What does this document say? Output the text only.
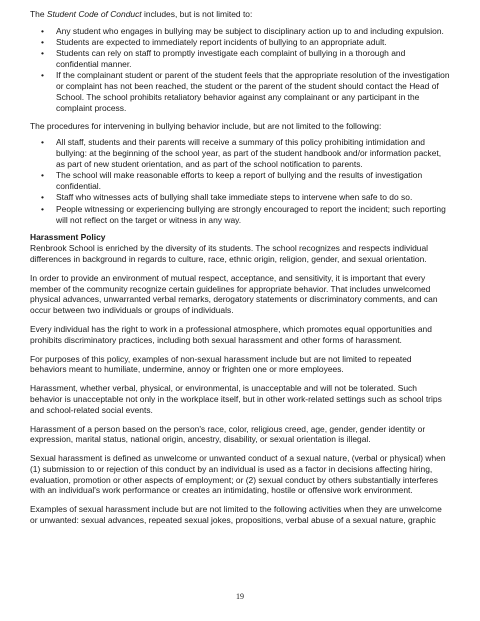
The Student Code of Conduct includes, but is not limited to:

• Any student who engages in bullying may be subject to disciplinary action up to and including expulsion.
• Students are expected to immediately report incidents of bullying to an appropriate adult.
• Students can rely on staff to promptly investigate each complaint of bullying in a thorough and confidential manner.
• If the complainant student or parent of the student feels that the appropriate resolution of the investigation or complaint has not been reached, the student or the parent of the student should contact the Head of School. The school prohibits retaliatory behavior against any complainant or any participant in the complaint process.

The procedures for intervening in bullying behavior include, but are not limited to the following:

• All staff, students and their parents will receive a summary of this policy prohibiting intimidation and bullying: at the beginning of the school year, as part of the student handbook and/or information packet, as part of new student orientation, and as part of the school notification to parents.
• The school will make reasonable efforts to keep a report of bullying and the results of investigation confidential.
• Staff who witnesses acts of bullying shall take immediate steps to intervene when safe to do so.
• People witnessing or experiencing bullying are strongly encouraged to report the incident; such reporting will not reflect on the target or witness in any way.

Harassment Policy

Renbrook School is enriched by the diversity of its students. The school recognizes and respects individual differences in background in regards to culture, race, ethnic origin, religion, gender, and sexual orientation.

In order to provide an environment of mutual respect, acceptance, and sensitivity, it is important that every member of the community recognize certain guidelines for appropriate behavior. That includes unwelcomed physical advances, unwarranted verbal remarks, derogatory statements or discriminatory comments, and can occur between two individuals or groups of individuals.

Every individual has the right to work in a professional atmosphere, which promotes equal opportunities and prohibits discriminatory practices, including both sexual harassment and other forms of harassment.

For purposes of this policy, examples of non-sexual harassment include but are not limited to repeated behaviors meant to humiliate, undermine, annoy or frighten one or more employees.

Harassment, whether verbal, physical, or environmental, is unacceptable and will not be tolerated. Such behavior is unacceptable not only in the workplace itself, but in other work-related settings such as school trips and school-related social events.

Harassment of a person based on the person's race, color, religious creed, age, gender, gender identity or expression, marital status, national origin, ancestry, disability, or sexual orientation is illegal.

Sexual harassment is defined as unwelcome or unwanted conduct of a sexual nature, (verbal or physical) when (1) submission to or rejection of this conduct by an individual is used as a factor in decisions affecting hiring, evaluation, promotion or other aspects of employment; or (2) sexual conduct by others substantially interferes with an individual's work performance or creates an intimidating, hostile or offensive work environment.

Examples of sexual harassment include but are not limited to the following activities when they are unwelcome or unwanted: sexual advances, repeated sexual jokes, propositions, verbal abuse of a sexual nature, graphic

19
